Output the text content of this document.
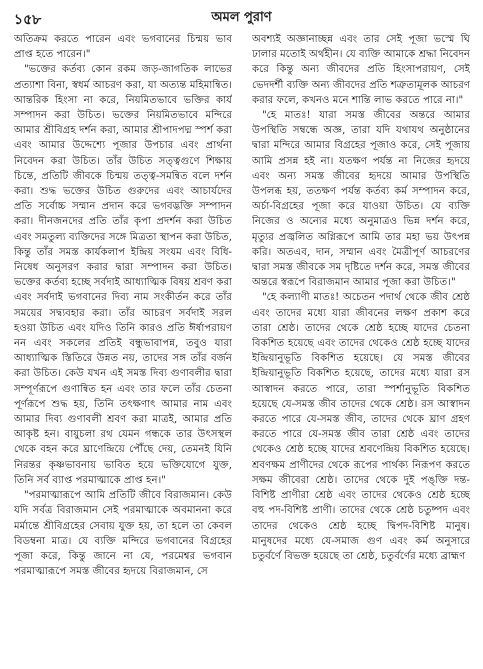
১৫৮	অমল পুরাণ

অতিক্রম করতে পারেন এবং ভগবানের চিন্ময় ভাব প্রাপ্ত হতে পারেন।"

"ভক্তের কর্তব্য কোন রকম জড়-জাগতিক লাভের প্রত্যাশা বিনা, স্বধর্ম আচরণ করা, যা অত্যন্ত মহিমান্বিত। আন্তরিক হিংসা না করে, নিয়মিতভাবে ভক্তির কার্য সম্পাদন করা উচিত। ভক্তের নিয়মিতভাবে মন্দিরে আমার শ্রীবিগ্রহ দর্শন করা, আমার শ্রীপাদপদ্ম স্পর্শ করা এবং আমার উদ্দেশ্যে পূজার উপচার এবং প্রার্থনা নিবেদন করা উচিত। তাঁর উচিত সত্ত্বগুণে শিক্ষায় চিন্তে, প্রতিটি জীবকে চিন্ময় তত্ত্ব-সমন্বিত বলে দর্শন করা। শুদ্ধ ভক্তের উচিত গুরুদের এবং আচার্যদের প্রতি সর্বোচ্চ সম্মান প্রদান করে ভগবদ্ভক্তি সম্পাদন করা। দীনজনদের প্রতি তাঁর কৃপা প্রদর্শন করা উচিত এবং সমতুল্য ব্যক্তিদের সঙ্গে মিত্রতা স্থাপন করা উচিত, কিন্তু তাঁর সমস্ত কার্যকলাপ ইন্দ্রিয় সংযম এবং বিধি-নিষেধ অনুসরণ করার দ্বারা সম্পাদন করা উচিত। ভক্তের কর্তব্য হচ্ছে সর্বদাই আধ্যাত্মিক বিষয় শ্রবণ করা এবং সর্বদাই ভগবানের দিব্য নাম সংকীর্তন করে তাঁর সময়ের সদ্ব্যবহার করা। তাঁর আচরণ সর্বদাই সরল হওয়া উচিত এবং যদিও তিনি কারও প্রতি ঈর্ষাপরায়ণ নন এবং সকলের প্রতিই বন্ধুভাবাপন্ন, তবুও যারা আধ্যাত্মিক স্তিতিরে উন্নত নয়, তাদের সঙ্গ তাঁর বর্জন করা উচিত। কেউ যখন এই সমস্ত দিব্য গুণাবলীর দ্বারা সম্পূর্ণরূপে গুণান্বিত হন এবং তার ফলে তাঁর চেতনা পূর্ণরূপে শুদ্ধ হয়, তিনি তৎক্ষণাৎ আমার নাম এবং আমার দিব্য গুণাবলী শ্রবণ করা মাত্রই, আমার প্রতি আকৃষ্ট হন। বায়ুচলা রথ যেমন গন্ধকে তার উৎসস্থল থেকে বহন করে ঘ্রাণেন্দ্রিয়ে পৌঁছে দেয়, তেমনই যিনি নিরন্তর কৃষ্ণভাবনায় ভাবিত হয়ে ভক্তিযোগে যুক্ত, তিনি সর্ব ব্যাপ্ত পরমাত্মাকে প্রাপ্ত হন।"

"পরমাত্মারূপে আমি প্রতিটি জীবে বিরাজমান। কেউ যদি সর্বত্র বিরাজমান সেই পরমাত্মাকে অবমাননা করে মর্মান্তে শ্রীবিগ্রহের সেবায় যুক্ত হয়, তা হলে তা কেবল বিডম্বনা মাত্র। যে ব্যক্তি মন্দিরে ভগবানের বিগ্রহের পূজা করে, কিন্তু জানে না যে, পরমেশ্বর ভগবান পরমাত্মারূপে সমস্ত জীবের হৃদয়ে বিরাজমান, সে

অবশ্যই অজ্ঞানাচ্ছন্ন এবং তার সেই পূজা ভস্মে ঘি ঢালার মতোই অর্থহীন। যে ব্যক্তি আমাকে শ্রদ্ধা নিবেদন করে কিন্তু অন্য জীবদের প্রতি হিংসাপরায়ণ, সেই ভেদদর্শী ব্যক্তি অন্য জীবদের প্রতি শত্রুতামূলক আচরণ করার ফলে, কখনও মনে শান্তি লাভ করতে পারে না।"

"হে মাতঃ! যারা সমস্ত জীবের অন্তরে আমার উপস্থিতি সম্বন্ধে অজ্ঞ, তারা যদি যথাযথ অনুষ্ঠানের দ্বারা মন্দিরে আমার বিগ্রহের পূজাও করে, সেই পূজায় আমি প্রসন্ন হই না। যতক্ষণ পর্যন্ত না নিজের হৃদয়ে এবং অন্য সমস্ত জীবের হৃদয়ে আমার উপস্থিতি উপলব্ধ হয়, ততক্ষণ পর্যন্ত কর্তব্য কর্ম সম্পাদন করে, অর্চা-বিগ্রহের পূজা করে যাওয়া উচিত। যে ব্যক্তি নিজের ও অন্যের মধ্যে অনুমাত্রও ভিন্ন দর্শন করে, মৃত্যুর প্রজ্বলিত অগ্নিরূপে আমি তার মহা ভয় উৎপন্ন করি। অতএব, দান, সম্মান এবং মৈত্রীপূর্ণ আচরণের দ্বারা সমস্ত জীবকে সম দৃষ্টিতে দর্শন করে, সমস্ত জীবের অন্তরে স্বরূপে বিরাজমান আমার পূজা করা উচিত।"

"হে কল্যাণী মাতঃ! অচেতন পদার্থ থেকে জীব শ্রেষ্ঠ এবং তাদের মধ্যে যারা জীবনের লক্ষণ প্রকাশ করে তারা শ্রেষ্ঠ। তাদের থেকে শ্রেষ্ঠ হচ্ছে যাদের চেতনা বিকশিত হয়েছে এবং তাদের থেকেও শ্রেষ্ঠ হচ্ছে যাদের ইন্দ্রিয়ানুভূতি বিকশিত হয়েছে। যে সমস্ত জীবের ইন্দ্রিয়ানুভূতি বিকশিত হয়েছে, তাদের মধ্যে যারা রস আস্বাদন করতে পারে, তারা স্পর্শানুভূতি বিকশিত হয়েছে যে-সমস্ত জীব তাদের থেকে শ্রেষ্ঠ। রস আস্বাদন করতে পারে যে-সমস্ত জীব, তাদের থেকে ঘ্রাণ গ্রহণ করতে পারে যে-সমস্ত জীব তারা শ্রেষ্ঠ এবং তাদের থেকেও শ্রেষ্ঠ হচ্ছে যাদের শ্রবণেন্দ্রিয় বিকশিত হয়েছে। শ্রবণক্ষম প্রাণীদের থেকে রূপের পার্থক্য নিরূপণ করতে সক্ষম জীবেরা শ্রেষ্ঠ। তাদের থেকে দুই পঙ্‌ক্তি দন্ত-বিশিষ্ট প্রাণীরা শ্রেষ্ঠ এবং তাদের থেকেও শ্রেষ্ঠ হচ্ছে বহু পদ-বিশিষ্ট প্রাণী। তাদের থেকে শ্রেষ্ঠ চতুষ্পদ এবং তাদের থেকেও শ্রেষ্ঠ হচ্ছে দ্বিপদ-বিশিষ্ট মানুষ। মানুষদের মধ্যে যে-সমাজ গুণ এবং কর্ম অনুসারে চতুর্বর্ণে বিভক্ত হয়েছে তা শ্রেষ্ঠ, চতুর্বর্ণের মধ্যে ব্রাহ্মণ
